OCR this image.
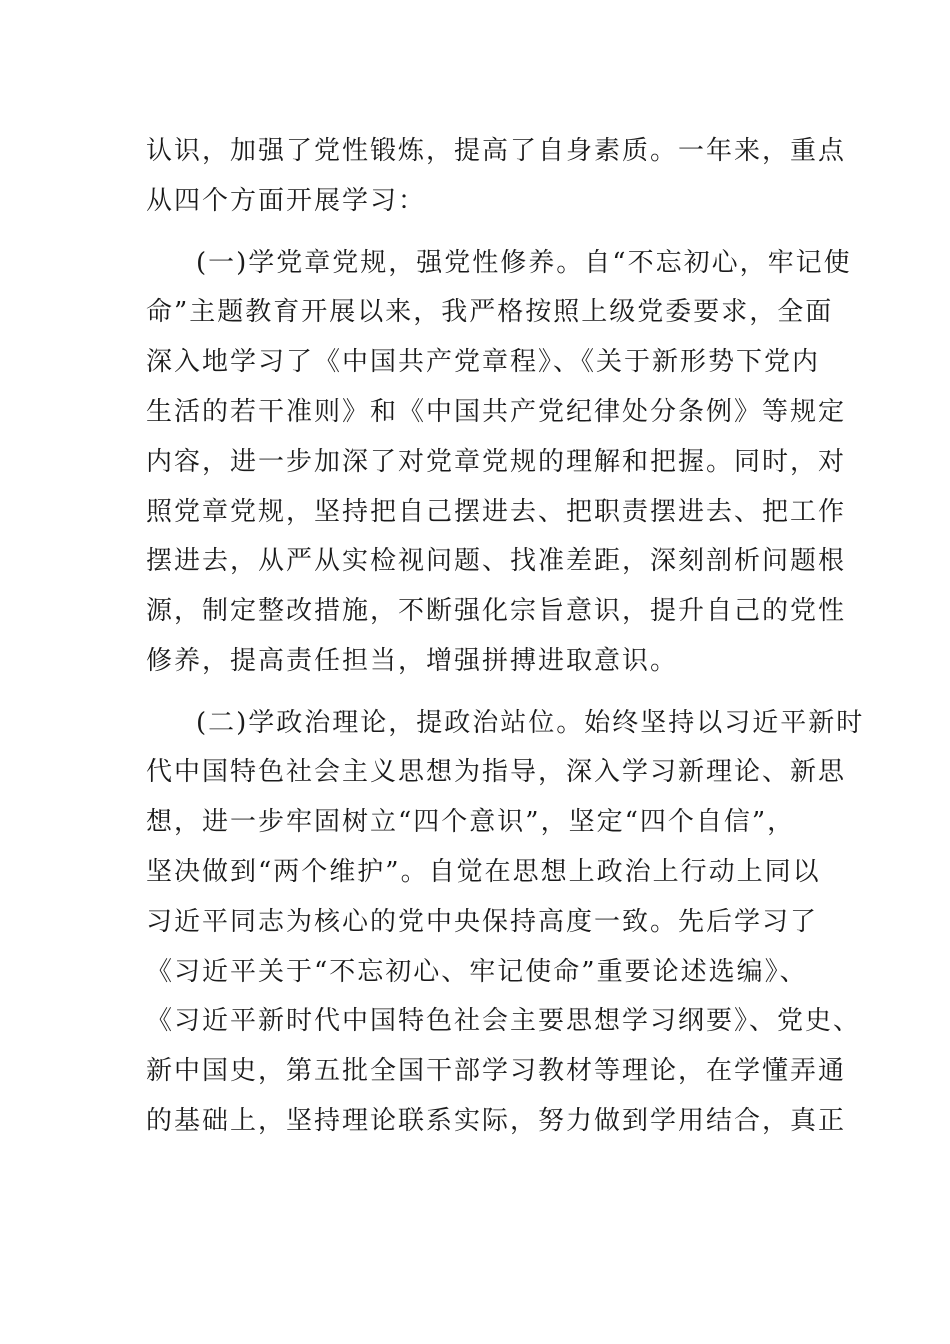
认识，加强了党性锻炼，提高了自身素质。一年来，重点
从四个方面开展学习：
(一)学党章党规，强党性修养。自“不忘初心，牢记使
命”主题教育开展以来，我严格按照上级党委要求，全面
深入地学习了《中国共产党章程》、《关于新形势下党内
生活的若干准则》和《中国共产党纪律处分条例》等规定
内容，进一步加深了对党章党规的理解和把握。同时，对
照党章党规，坚持把自己摆进去、把职责摆进去、把工作
摆进去，从严从实检视问题、找准差距，深刻剖析问题根
源，制定整改措施，不断强化宗旨意识，提升自己的党性
修养，提高责任担当，增强拼搏进取意识。
(二)学政治理论，提政治站位。始终坚持以习近平新时
代中国特色社会主义思想为指导，深入学习新理论、新思
想，进一步牢固树立“四个意识”，坚定“四个自信”，
坚决做到“两个维护”。自觉在思想上政治上行动上同以
习近平同志为核心的党中央保持高度一致。先后学习了
《习近平关于“不忘初心、牢记使命”重要论述选编》、
《习近平新时代中国特色社会主要思想学习纲要》、党史、
新中国史，第五批全国干部学习教材等理论，在学懂弄通
的基础上，坚持理论联系实际，努力做到学用结合，真正
